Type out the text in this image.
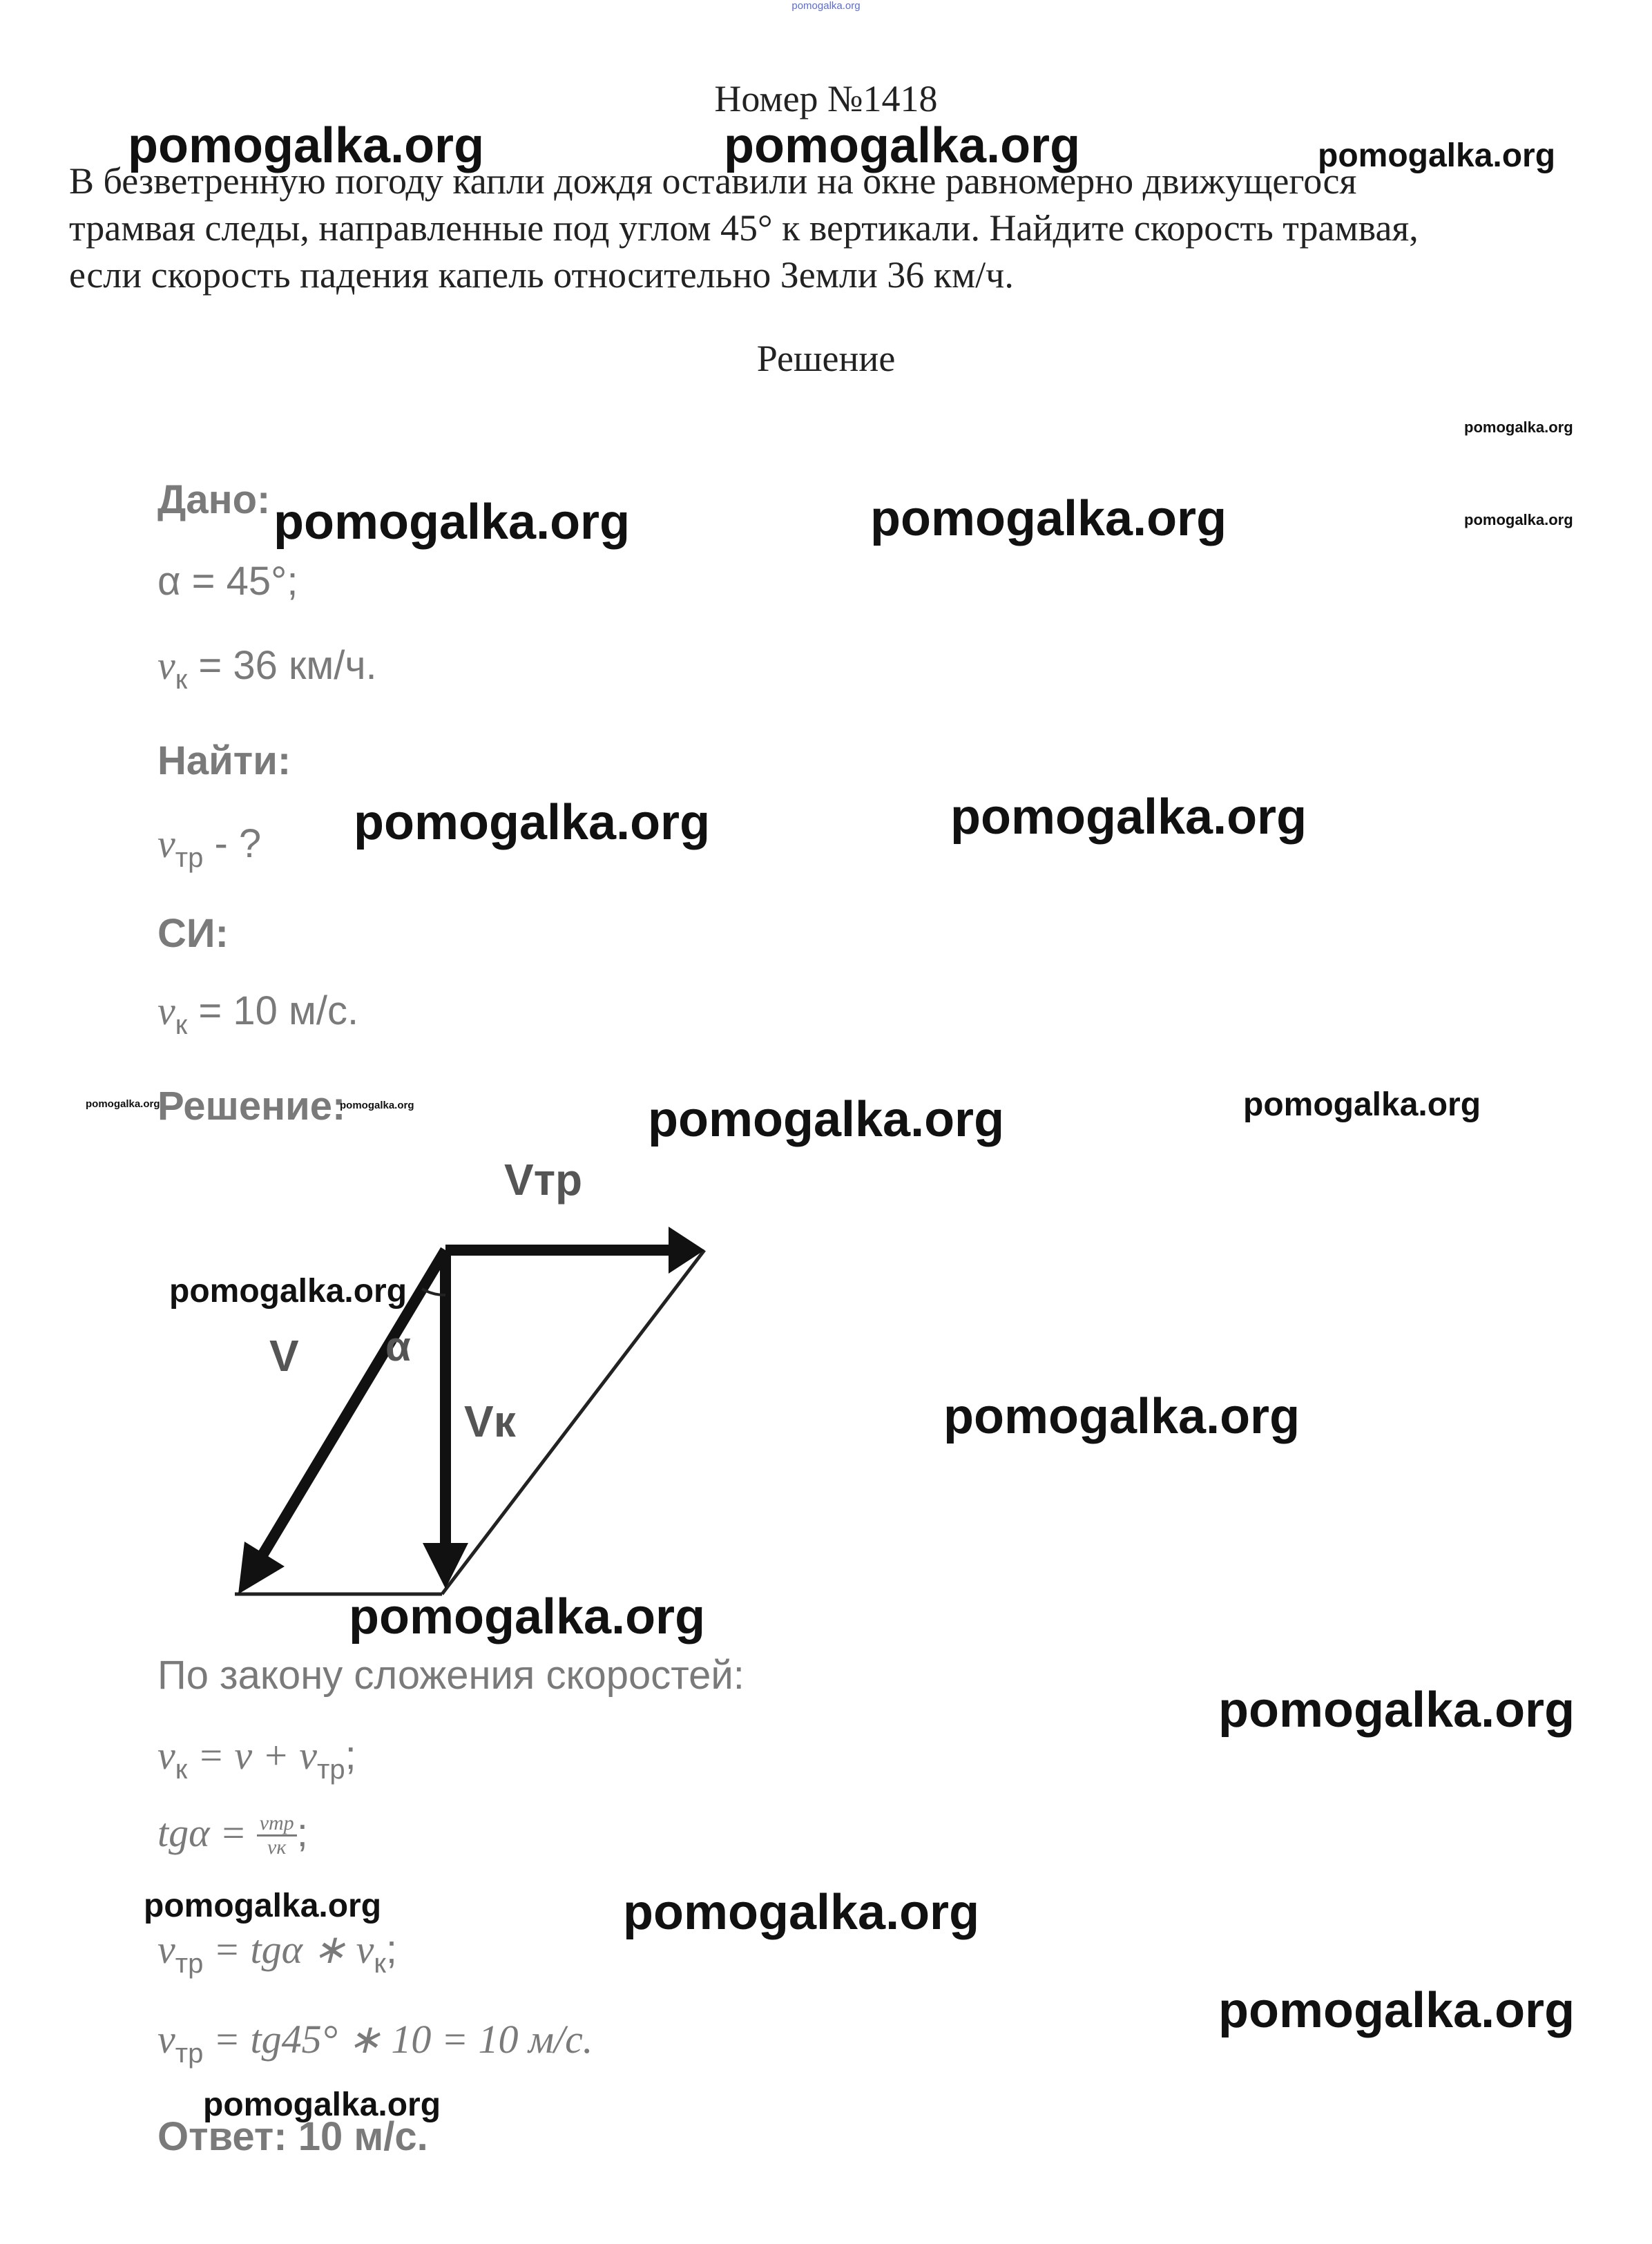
pomogalka.org
Номер №1418

В безветренную погоду капли дождя оставили на окне равномерно движущегося

трамвая следы, направленные под углом 45° к вертикали. Найдите скорость трамвая,

если скорость падения капель относительно Земли 36 км/ч.

Решение
Дано:
α = 45°;
$v_к = 36$ км/ч.
Найти:
$v_{тр}$ - ?
СИ:
$v_к = 10$ м/с.
Решение:
Vтр
V α
Vк
По закону сложения скоростей:
$v_к = v + v_{тр}$;
$tg\alpha = \frac{\text{vтр}}{vк}$ ;
$v_{тр} = tg\alpha$ ∗ $v_к$;
$v_{тр} = tg45^\circ$ ∗ 10 = 10 м/с.
Ответ: 10 м/с.
pomogalka.org	pomogalka.org	pomogalka.org
pomogalka.org
pomogalka.org
pomogalka.org	pomogalka.org
pomogalka.org	pomogalka.org
pomogalka.org	pomogalka.org	pomogalka.org	pomogalka.org
pomogalka.org
pomogalka.org
pomogalka.org
pomogalka.org
pomogalka.org	pomogalka.org
pomogalka.org
pomogalka.org
